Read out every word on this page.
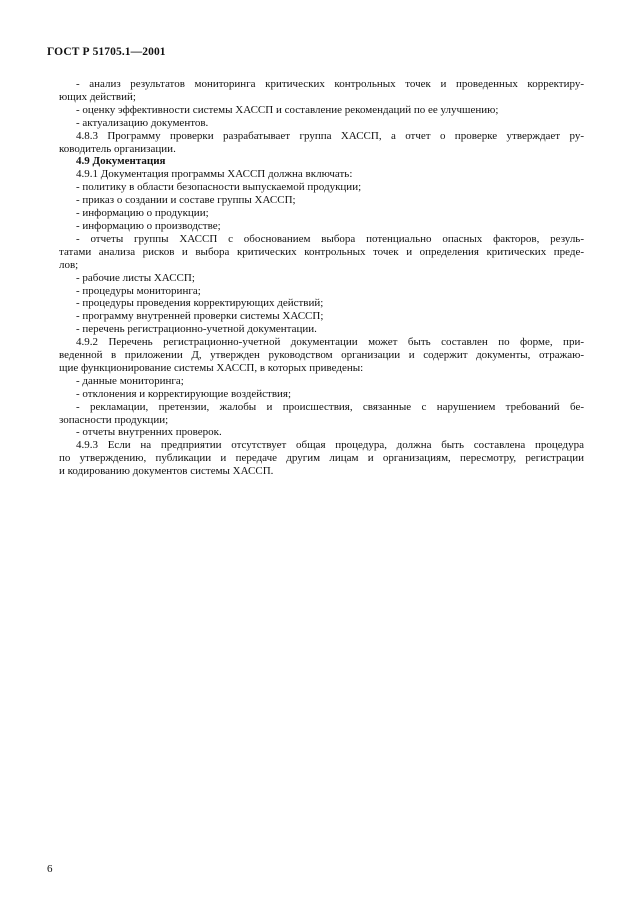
ГОСТ Р 51705.1—2001
- анализ результатов мониторинга критических контрольных точек и проведенных корректиру-
ющих действий;
- оценку эффективности системы ХАССП и составление рекомендаций по ее улучшению;
- актуализацию документов.
4.8.3 Программу проверки разрабатывает группа ХАССП, а отчет о проверке утверждает ру-
ководитель организации.
4.9 Документация
4.9.1 Документация программы ХАССП должна включать:
- политику в области безопасности выпускаемой продукции;
- приказ о создании и составе группы ХАССП;
- информацию о продукции;
- информацию о производстве;
- отчеты группы ХАССП с обоснованием выбора потенциально опасных факторов, резуль-
татами анализа рисков и выбора критических контрольных точек и определения критических преде-
лов;
- рабочие листы ХАССП;
- процедуры мониторинга;
- процедуры проведения корректирующих действий;
- программу внутренней проверки системы ХАССП;
- перечень регистрационно-учетной документации.
4.9.2 Перечень регистрационно-учетной документации может быть составлен по форме, при-
веденной в приложении Д, утвержден руководством организации и содержит документы, отражаю-
щие функционирование системы ХАССП, в которых приведены:
- данные мониторинга;
- отклонения и корректирующие воздействия;
- рекламации, претензии, жалобы и происшествия, связанные с нарушением требований бе-
зопасности продукции;
- отчеты внутренних проверок.
4.9.3 Если на предприятии отсутствует общая процедура, должна быть составлена процедура
по утверждению, публикации и передаче другим лицам и организациям, пересмотру, регистрации
и кодированию документов системы ХАССП.
6
